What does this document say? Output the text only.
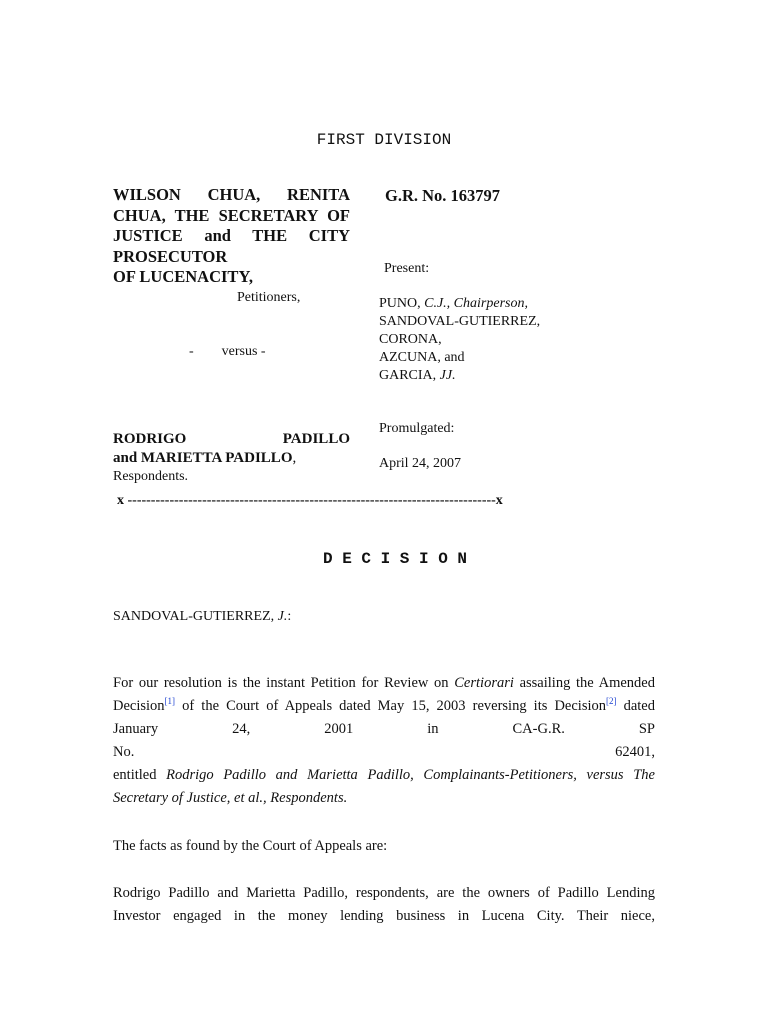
FIRST DIVISION
WILSON CHUA, RENITA
CHUA, THE SECRETARY OF
JUSTICE and THE CITY
PROSECUTOR
OF LUCENACITY,
Petitioners,
-        versus -
G.R. No. 163797
Present:
PUNO, C.J., Chairperson,
SANDOVAL-GUTIERREZ,
CORONA,
AZCUNA, and
GARCIA, JJ.
Promulgated:
April 24, 2007
RODRIGO PADILLO
and MARIETTA PADILLO,
Respondents.
x -------------------------------------------------------------------------------x
D E C I S I O N
SANDOVAL-GUTIERREZ, J.:
For our resolution is the instant Petition for Review on Certiorari assailing the Amended
Decision[1] of the Court of Appeals dated May 15, 2003 reversing its Decision[2] dated
January 24, 2001 in CA-G.R. SP No. 62401,
entitled Rodrigo Padillo and Marietta Padillo, Complainants-Petitioners, versus The
Secretary of Justice, et al., Respondents.
The facts as found by the Court of Appeals are:
Rodrigo Padillo and Marietta Padillo, respondents, are the owners of Padillo Lending
Investor engaged in the money lending business in Lucena City. Their niece,
